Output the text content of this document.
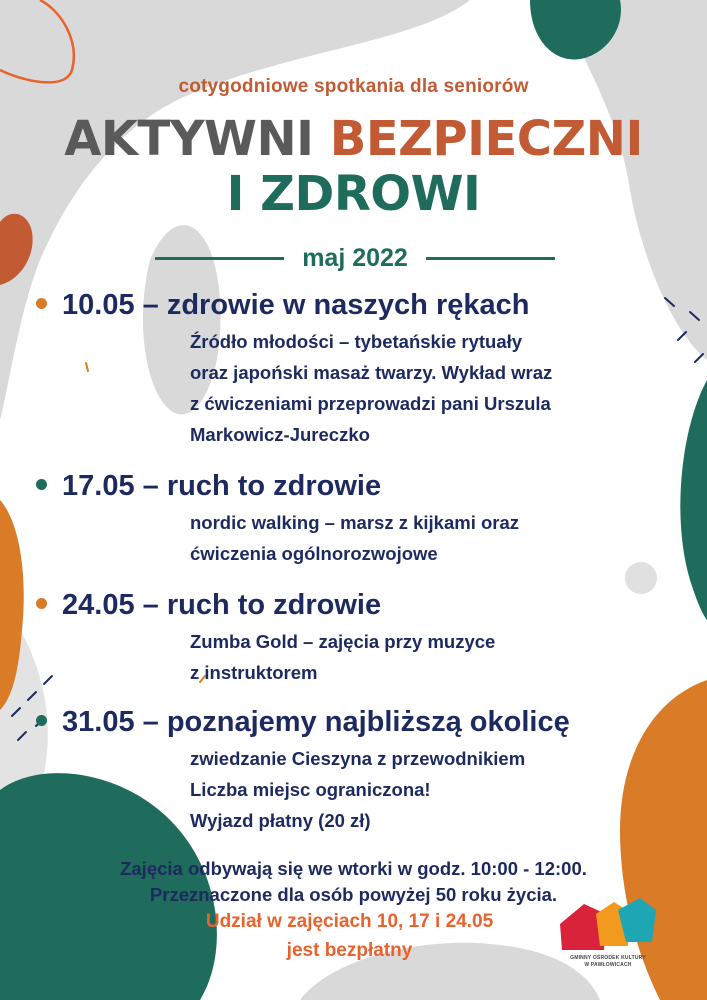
cotygodniowe spotkania dla seniorów
AKTYWNI BEZPIECZNI
I ZDROWI
maj 2022
10.05 – zdrowie w naszych rękach
Źródło młodości – tybetańskie rytuały
oraz japoński masaż twarzy. Wykład wraz
z ćwiczeniami przeprowadzi pani Urszula
Markowicz-Jureczko
17.05 – ruch to zdrowie
nordic walking – marsz z kijkami oraz
ćwiczenia ogólnorozwojowe
24.05 – ruch to zdrowie
Zumba Gold – zajęcia przy muzyce
z instruktorem
31.05 – poznajemy najbliższą okolicę
zwiedzanie Cieszyna z przewodnikiem
Liczba miejsc ograniczona!
Wyjazd płatny (20 zł)
Zajęcia odbywają się we wtorki w godz. 10:00 - 12:00.
Przeznaczone dla osób powyżej 50 roku życia.
Udział w zajęciach 10, 17 i 24.05
jest bezpłatny	GMINNY OŚRODEK KULTURY
W PAWŁOWICACH
